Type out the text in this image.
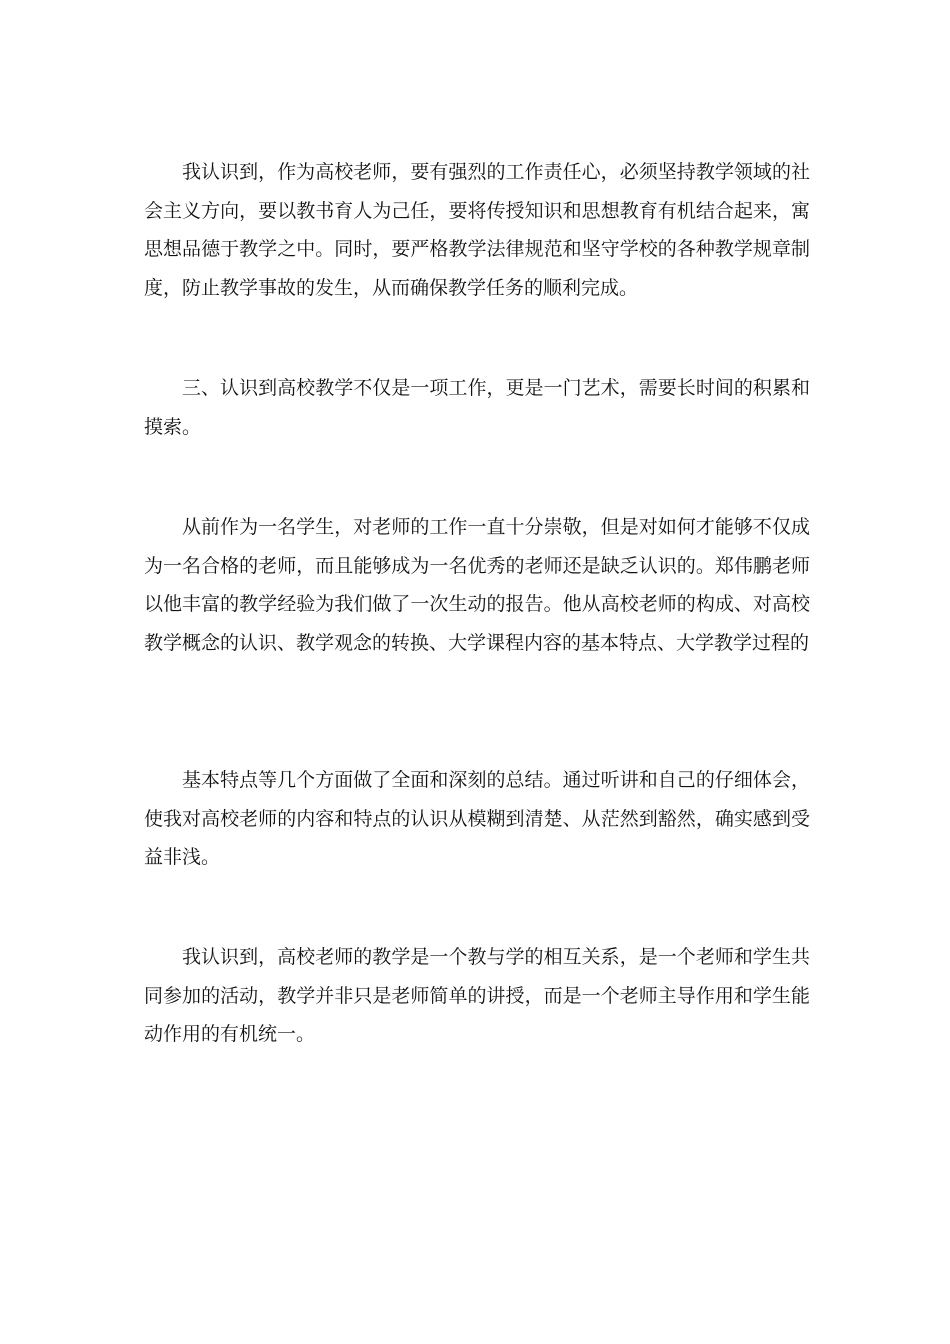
我认识到，作为高校老师，要有强烈的工作责任心，必须坚持教学领域的社会主义方向，要以教书育人为己任，要将传授知识和思想教育有机结合起来，寓思想品德于教学之中。同时，要严格教学法律规范和坚守学校的各种教学规章制度，防止教学事故的发生，从而确保教学任务的顺利完成。

三、认识到高校教学不仅是一项工作，更是一门艺术，需要长时间的积累和摸索。

从前作为一名学生，对老师的工作一直十分崇敬，但是对如何才能够不仅成为一名合格的老师，而且能够成为一名优秀的老师还是缺乏认识的。郑伟鹏老师以他丰富的教学经验为我们做了一次生动的报告。他从高校老师的构成、对高校教学概念的认识、教学观念的转换、大学课程内容的基本特点、大学教学过程的

基本特点等几个方面做了全面和深刻的总结。通过听讲和自己的仔细体会，使我对高校老师的内容和特点的认识从模糊到清楚、从茫然到豁然，确实感到受益非浅。

我认识到，高校老师的教学是一个教与学的相互关系，是一个老师和学生共同参加的活动，教学并非只是老师简单的讲授，而是一个老师主导作用和学生能动作用的有机统一。
